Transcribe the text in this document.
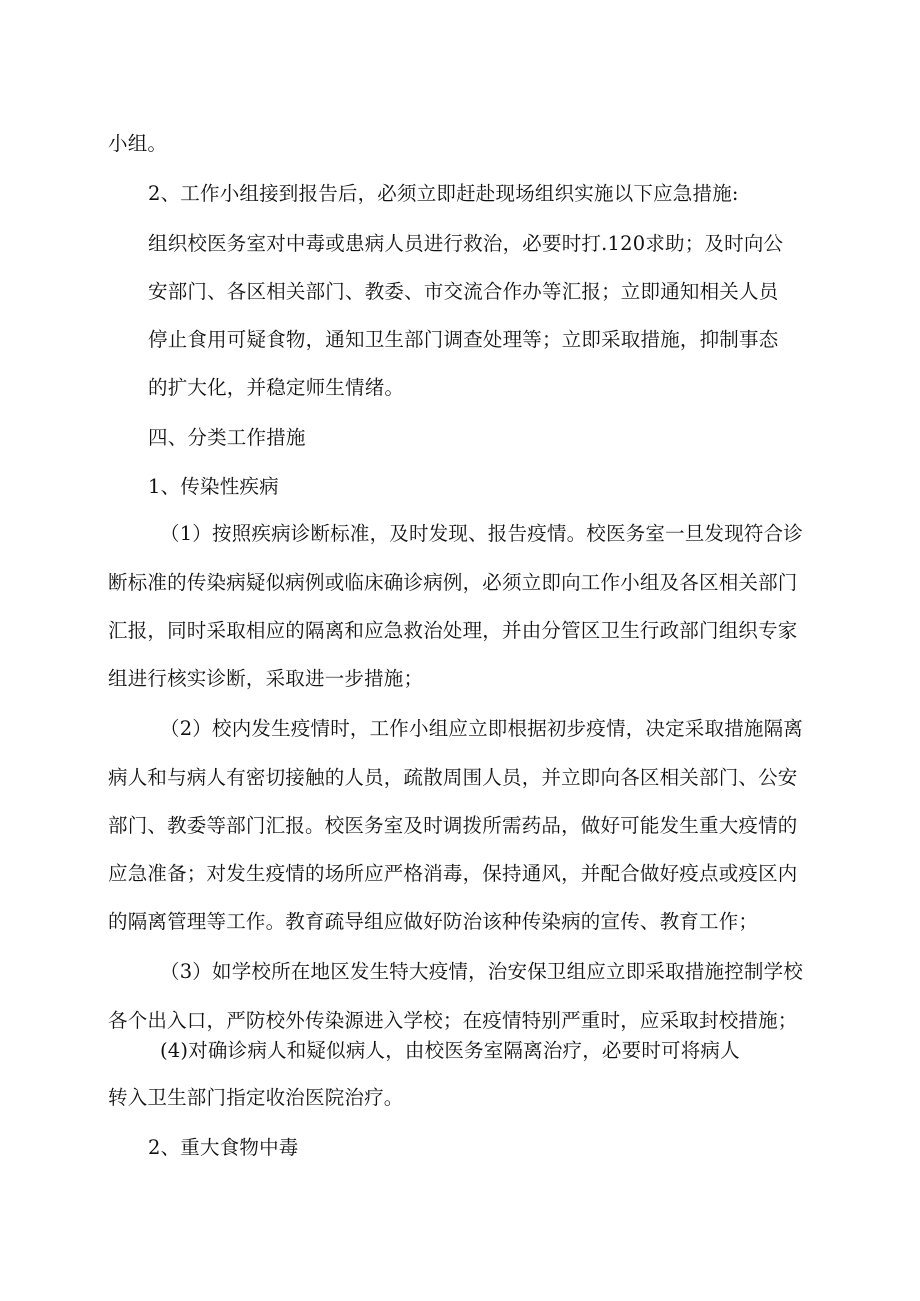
小组。
2、工作小组接到报告后，必须立即赶赴现场组织实施以下应急措施:
组织校医务室对中毒或患病人员进行救治，必要时打.120求助；及时向公
安部门、各区相关部门、教委、市交流合作办等汇报；立即通知相关人员
停止食用可疑食物，通知卫生部门调查处理等；立即采取措施，抑制事态
的扩大化，并稳定师生情绪。
四、分类工作措施
1、传染性疾病
（1）按照疾病诊断标准，及时发现、报告疫情。校医务室一旦发现符合诊
断标准的传染病疑似病例或临床确诊病例，必须立即向工作小组及各区相关部门
汇报，同时采取相应的隔离和应急救治处理，并由分管区卫生行政部门组织专家
组进行核实诊断，采取进一步措施；
（2）校内发生疫情时，工作小组应立即根据初步疫情，决定采取措施隔离
病人和与病人有密切接触的人员，疏散周围人员，并立即向各区相关部门、公安
部门、教委等部门汇报。校医务室及时调拨所需药品，做好可能发生重大疫情的
应急准备；对发生疫情的场所应严格消毒，保持通风，并配合做好疫点或疫区内
的隔离管理等工作。教育疏导组应做好防治该种传染病的宣传、教育工作；
（3）如学校所在地区发生特大疫情，治安保卫组应立即采取措施控制学校
各个出入口，严防校外传染源进入学校；在疫情特别严重时，应采取封校措施；
(4)对确诊病人和疑似病人，由校医务室隔离治疗，必要时可将病人
转入卫生部门指定收治医院治疗。
2、重大食物中毒
